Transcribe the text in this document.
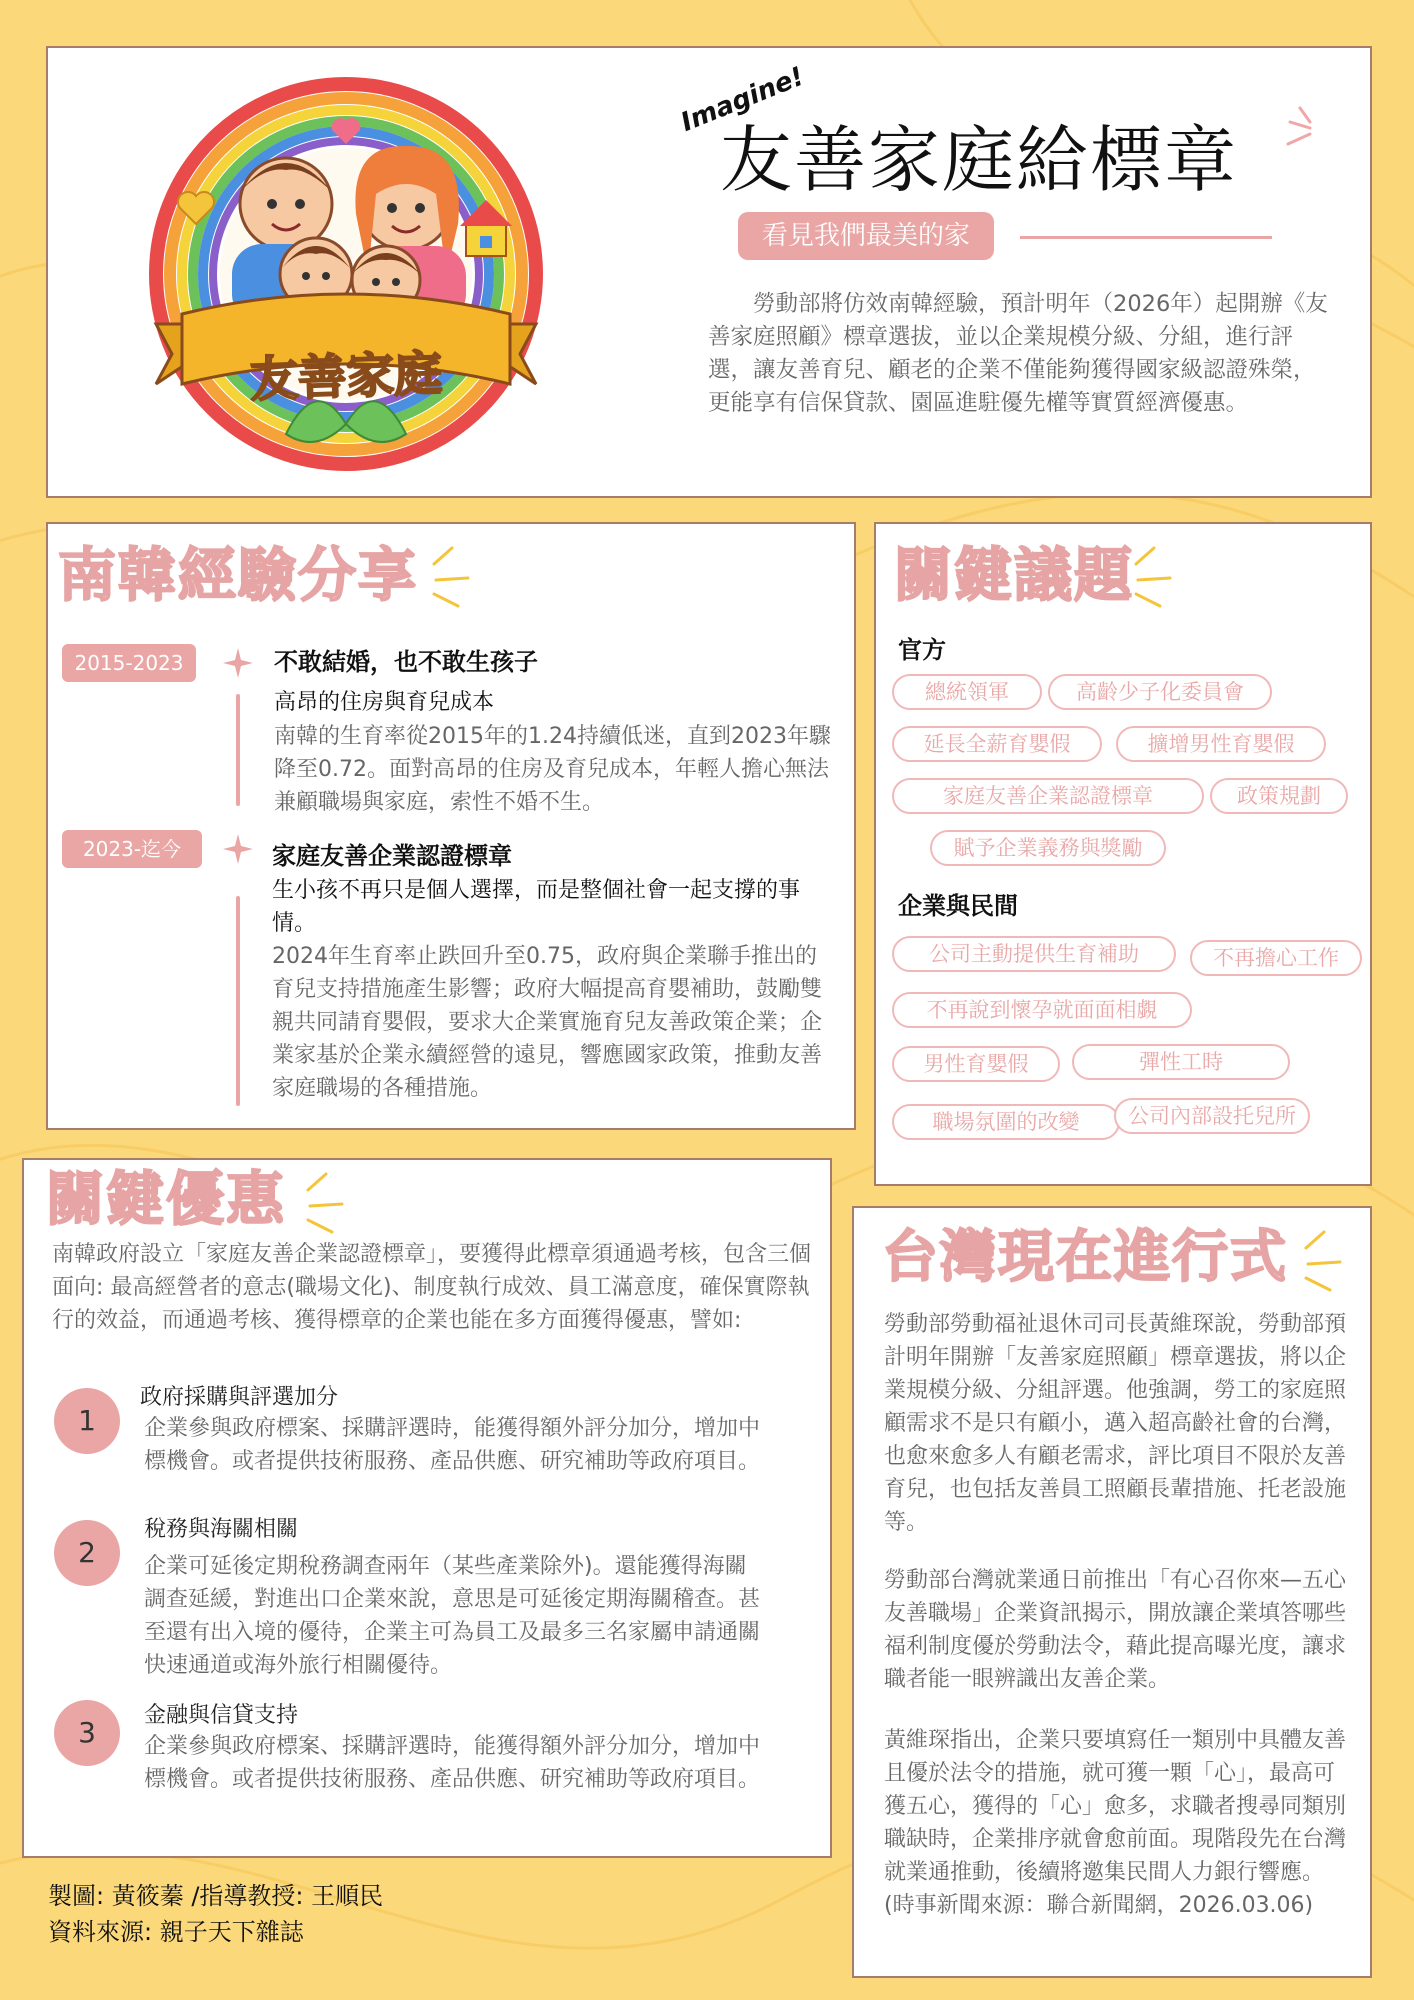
友善家庭
Imagine!
友善家庭給標章
看見我們最美的家
勞動部將仿效南韓經驗，預計明年（2026年）起開辦《友善家庭照顧》標章選拔，並以企業規模分級、分組，進行評選，讓友善育兒、顧老的企業不僅能夠獲得國家級認證殊榮，更能享有信保貸款、園區進駐優先權等實質經濟優惠。
南韓經驗分享
2015-2023	不敢結婚，也不敢生孩子
高昂的住房與育兒成本
南韓的生育率從2015年的1.24持續低迷，直到2023年驟降至0.72。面對高昂的住房及育兒成本，年輕人擔心無法兼顧職場與家庭，索性不婚不生。
2023-迄今	家庭友善企業認證標章
生小孩不再只是個人選擇，而是整個社會一起支撐的事情。
2024年生育率止跌回升至0.75，政府與企業聯手推出的育兒支持措施產生影響；政府大幅提高育嬰補助，鼓勵雙親共同請育嬰假，要求大企業實施育兒友善政策企業；企業家基於企業永續經營的遠見，響應國家政策，推動友善家庭職場的各種措施。
關鍵議題
官方
總統領軍	高齡少子化委員會
延長全薪育嬰假	擴增男性育嬰假
家庭友善企業認證標章	政策規劃
賦予企業義務與獎勵
企業與民間
公司主動提供生育補助	不再擔心工作
不再說到懷孕就面面相覷
男性育嬰假	彈性工時
職場氛圍的改變	公司內部設托兒所
關鍵優惠
南韓政府設立「家庭友善企業認證標章」，要獲得此標章須通過考核，包含三個面向: 最高經營者的意志(職場文化)、制度執行成效、員工滿意度，確保實際執行的效益，而通過考核、獲得標章的企業也能在多方面獲得優惠，譬如:
1
政府採購與評選加分
企業參與政府標案、採購評選時，能獲得額外評分加分，增加中標機會。或者提供技術服務、產品供應、研究補助等政府項目。
2
稅務與海關相關
企業可延後定期稅務調查兩年（某些產業除外)。還能獲得海關調查延緩，對進出口企業來說，意思是可延後定期海關稽查。甚至還有出入境的優待，企業主可為員工及最多三名家屬申請通關快速通道或海外旅行相關優待。
3
金融與信貸支持
企業參與政府標案、採購評選時，能獲得額外評分加分，增加中標機會。或者提供技術服務、產品供應、研究補助等政府項目。
台灣現在進行式
勞動部勞動福祉退休司司長黃維琛說，勞動部預計明年開辦「友善家庭照顧」標章選拔，將以企業規模分級、分組評選。他強調，勞工的家庭照顧需求不是只有顧小，邁入超高齡社會的台灣，也愈來愈多人有顧老需求，評比項目不限於友善育兒，也包括友善員工照顧長輩措施、托老設施等。
勞動部台灣就業通日前推出「有心召你來—五心友善職場」企業資訊揭示，開放讓企業填答哪些福利制度優於勞動法令，藉此提高曝光度，讓求職者能一眼辨識出友善企業。
黃維琛指出，企業只要填寫任一類別中具體友善且優於法令的措施，就可獲一顆「心」，最高可獲五心，獲得的「心」愈多，求職者搜尋同類別職缺時，企業排序就會愈前面。現階段先在台灣就業通推動，後續將邀集民間人力銀行響應。(時事新聞來源：聯合新聞網，2026.03.06)
製圖: 黃筱蓁 /指導教授: 王順民
資料來源: 親子天下雜誌
